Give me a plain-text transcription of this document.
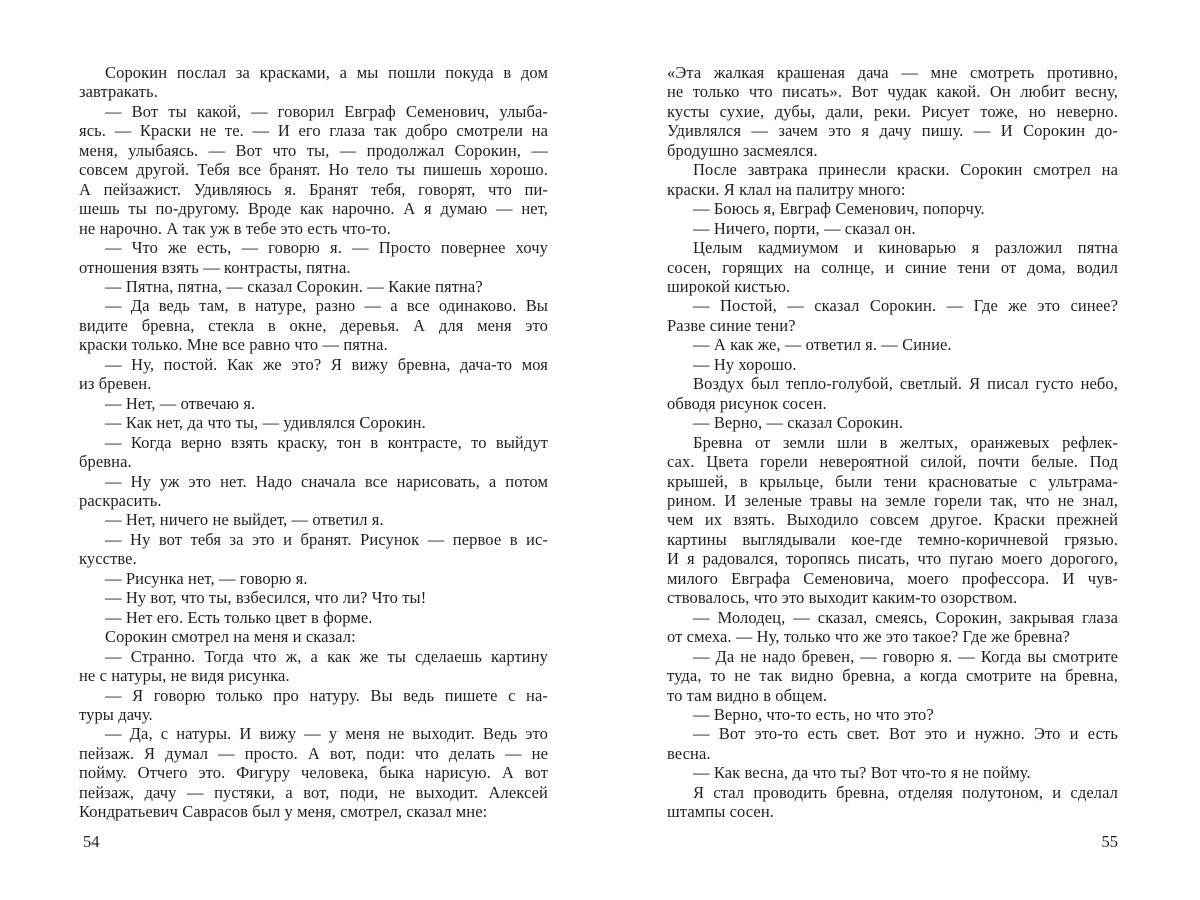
Сорокин послал за красками, а мы пошли покуда в дом
завтракать.
— Вот ты какой, — говорил Евграф Семенович, улыба-
ясь. — Краски не те. — И его глаза так добро смотрели на
меня, улыбаясь. — Вот что ты, — продолжал Сорокин, —
совсем другой. Тебя все бранят. Но тело ты пишешь хорошо.
А пейзажист. Удивляюсь я. Бранят тебя, говорят, что пи-
шешь ты по-другому. Вроде как нарочно. А я думаю — нет,
не нарочно. А так уж в тебе это есть что-то.
— Что же есть, — говорю я. — Просто повернее хочу
отношения взять — контрасты, пятна.
— Пятна, пятна, — сказал Сорокин. — Какие пятна?
— Да ведь там, в натуре, разно — а все одинаково. Вы
видите бревна, стекла в окне, деревья. А для меня это
краски только. Мне все равно что — пятна.
— Ну, постой. Как же это? Я вижу бревна, дача-то моя
из бревен.
— Нет, — отвечаю я.
— Как нет, да что ты, — удивлялся Сорокин.
— Когда верно взять краску, тон в контрасте, то выйдут
бревна.
— Ну уж это нет. Надо сначала все нарисовать, а потом
раскрасить.
— Нет, ничего не выйдет, — ответил я.
— Ну вот тебя за это и бранят. Рисунок — первое в ис-
кусстве.
— Рисунка нет, — говорю я.
— Ну вот, что ты, взбесился, что ли? Что ты!
— Нет его. Есть только цвет в форме.
Сорокин смотрел на меня и сказал:
— Странно. Тогда что ж, а как же ты сделаешь картину
не с натуры, не видя рисунка.
— Я говорю только про натуру. Вы ведь пишете с на-
туры дачу.
— Да, с натуры. И вижу — у меня не выходит. Ведь это
пейзаж. Я думал — просто. А вот, поди: что делать — не
пойму. Отчего это. Фигуру человека, быка нарисую. А вот
пейзаж, дачу — пустяки, а вот, поди, не выходит. Алексей
Кондратьевич Саврасов был у меня, смотрел, сказал мне:
54
«Эта жалкая крашеная дача — мне смотреть противно,
не только что писать». Вот чудак какой. Он любит весну,
кусты сухие, дубы, дали, реки. Рисует тоже, но неверно.
Удивлялся — зачем это я дачу пишу. — И Сорокин до-
бродушно засмеялся.
После завтрака принесли краски. Сорокин смотрел на
краски. Я клал на палитру много:
— Боюсь я, Евграф Семенович, попорчу.
— Ничего, порти, — сказал он.
Целым кадмиумом и киноварью я разложил пятна
сосен, горящих на солнце, и синие тени от дома, водил
широкой кистью.
— Постой, — сказал Сорокин. — Где же это синее?
Разве синие тени?
— А как же, — ответил я. — Синие.
— Ну хорошо.
Воздух был тепло-голубой, светлый. Я писал густо небо,
обводя рисунок сосен.
— Верно, — сказал Сорокин.
Бревна от земли шли в желтых, оранжевых рефлек-
сах. Цвета горели невероятной силой, почти белые. Под
крышей, в крыльце, были тени красноватые с ультрама-
рином. И зеленые травы на земле горели так, что не знал,
чем их взять. Выходило совсем другое. Краски прежней
картины выглядывали кое-где темно-коричневой грязью.
И я радовался, торопясь писать, что пугаю моего дорогого,
милого Евграфа Семеновича, моего профессора. И чув-
ствовалось, что это выходит каким-то озорством.
— Молодец, — сказал, смеясь, Сорокин, закрывая глаза
от смеха. — Ну, только что же это такое? Где же бревна?
— Да не надо бревен, — говорю я. — Когда вы смотрите
туда, то не так видно бревна, а когда смотрите на бревна,
то там видно в общем.
— Верно, что-то есть, но что это?
— Вот это-то есть свет. Вот это и нужно. Это и есть
весна.
— Как весна, да что ты? Вот что-то я не пойму.
Я стал проводить бревна, отделяя полутоном, и сделал
штампы сосен.
55
